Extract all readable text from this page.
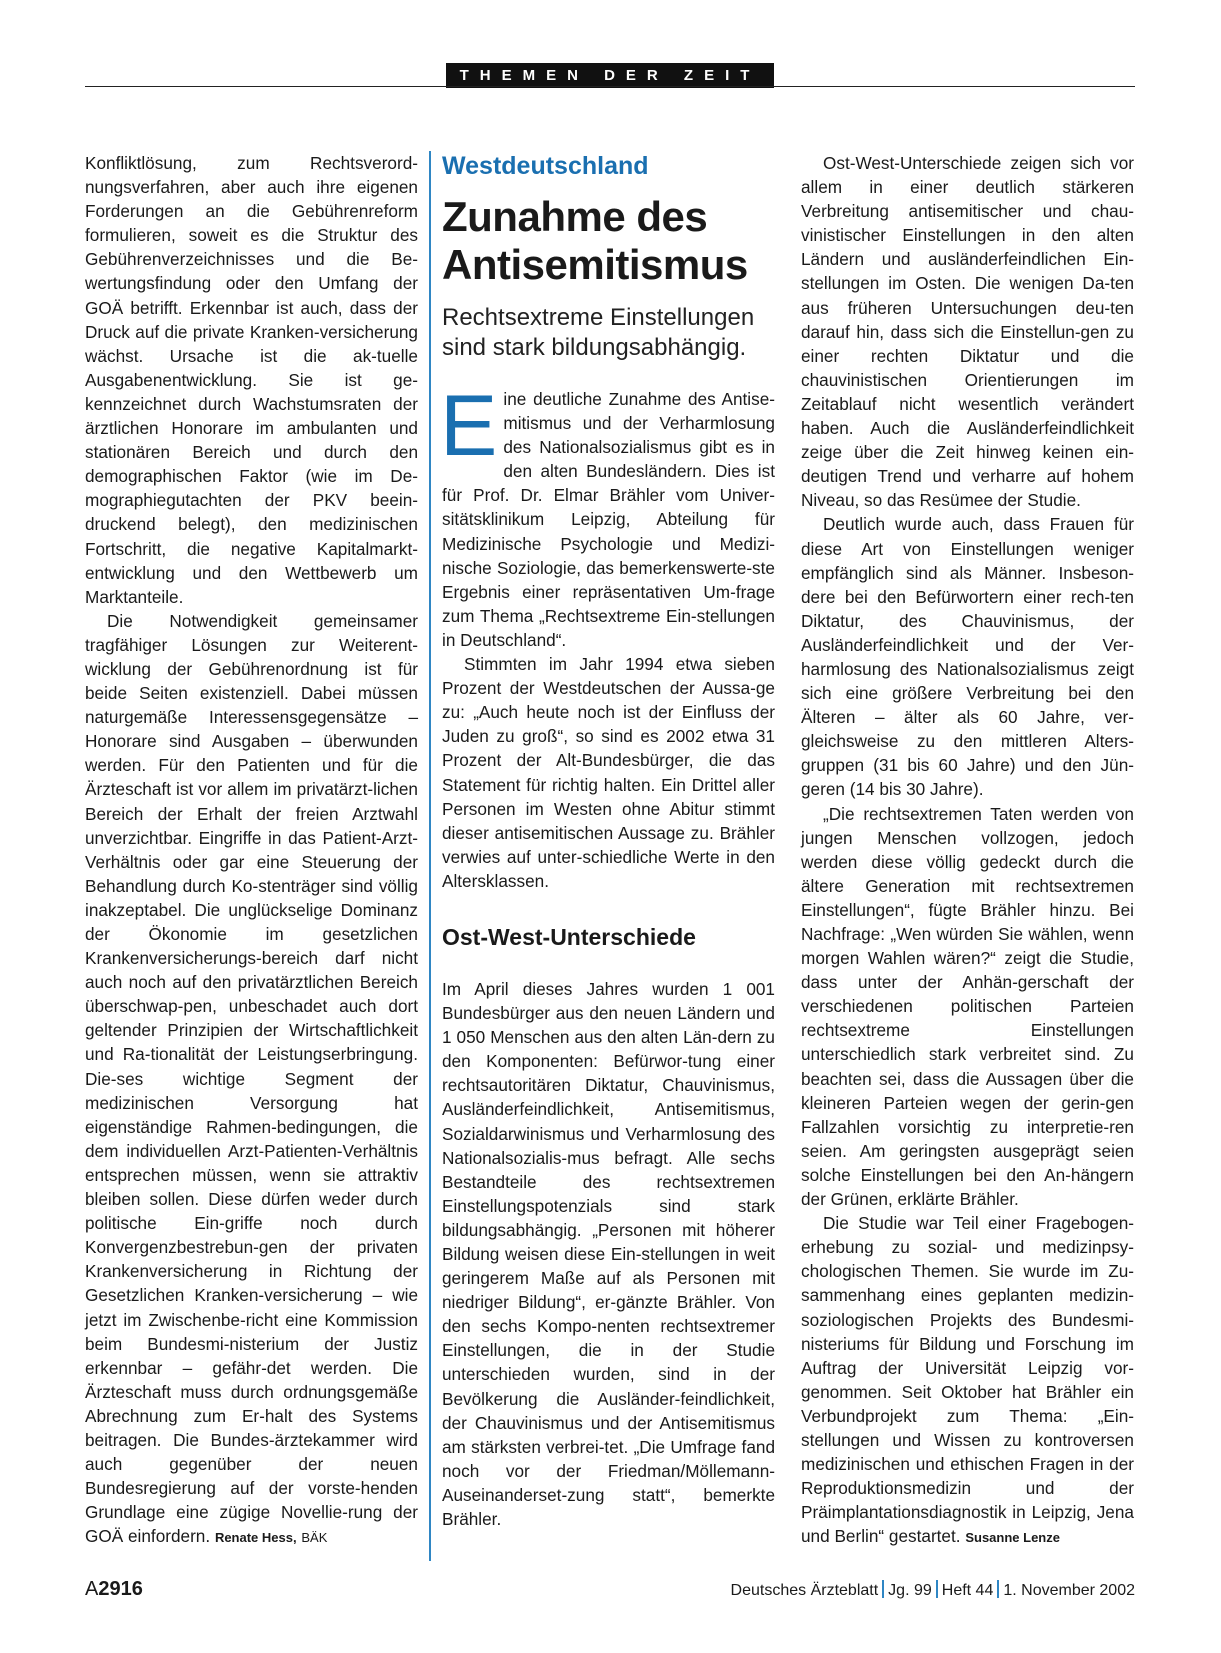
THEMEN DER ZEIT

Konfliktlösung, zum Rechtsverord-nungsverfahren, aber auch ihre eigenen Forderungen an die Gebührenreform formulieren, soweit es die Struktur des Gebührenverzeichnisses und die Be-wertungsfindung oder den Umfang der GOÄ betrifft. Erkennbar ist auch, dass der Druck auf die private Kranken-versicherung wächst. Ursache ist die ak-tuelle Ausgabenentwicklung. Sie ist ge-kennzeichnet durch Wachstumsraten der ärztlichen Honorare im ambulanten und stationären Bereich und durch den demographischen Faktor (wie im De-mographiegutachten der PKV beein-druckend belegt), den medizinischen Fortschritt, die negative Kapitalmarkt-entwicklung und den Wettbewerb um Marktanteile.

Die Notwendigkeit gemeinsamer tragfähiger Lösungen zur Weiterent-wicklung der Gebührenordnung ist für beide Seiten existenziell. Dabei müssen naturgemäße Interessensgegensätze – Honorare sind Ausgaben – überwunden werden. Für den Patienten und für die Ärzteschaft ist vor allem im privatärzt-lichen Bereich der Erhalt der freien Arztwahl unverzichtbar. Eingriffe in das Patient-Arzt-Verhältnis oder gar eine Steuerung der Behandlung durch Ko-stenträger sind völlig inakzeptabel. Die unglückselige Dominanz der Ökonomie im gesetzlichen Krankenversicherungs-bereich darf nicht auch noch auf den privatärztlichen Bereich überschwap-pen, unbeschadet auch dort geltender Prinzipien der Wirtschaftlichkeit und Ra-tionalität der Leistungserbringung. Die-ses wichtige Segment der medizinischen Versorgung hat eigenständige Rahmen-bedingungen, die dem individuellen Arzt-Patienten-Verhältnis entsprechen müssen, wenn sie attraktiv bleiben sollen. Diese dürfen weder durch politische Ein-griffe noch durch Konvergenzbestrebun-gen der privaten Krankenversicherung in Richtung der Gesetzlichen Kranken-versicherung – wie jetzt im Zwischenbe-richt eine Kommission beim Bundesmi-nisterium der Justiz erkennbar – gefähr-det werden. Die Ärzteschaft muss durch ordnungsgemäße Abrechnung zum Er-halt des Systems beitragen. Die Bundes-ärztekammer wird auch gegenüber der neuen Bundesregierung auf der vorste-henden Grundlage eine zügige Novellie-rung der GOÄ einfordern. Renate Hess, BÄK

Westdeutschland
Zunahme des Antisemitismus
Rechtsextreme Einstellungen sind stark bildungsabhängig.

Eine deutliche Zunahme des Antise-mitismus und der Verharmlosung des Nationalsozialismus gibt es in den alten Bundesländern. Dies ist für Prof. Dr. Elmar Brähler vom Univer-sitätsklinikum Leipzig, Abteilung für Medizinische Psychologie und Medizi-nische Soziologie, das bemerkenswerte-ste Ergebnis einer repräsentativen Um-frage zum Thema „Rechtsextreme Ein-stellungen in Deutschland“.

Stimmten im Jahr 1994 etwa sieben Prozent der Westdeutschen der Aussa-ge zu: „Auch heute noch ist der Einfluss der Juden zu groß“, so sind es 2002 etwa 31 Prozent der Alt-Bundesbürger, die das Statement für richtig halten. Ein Drittel aller Personen im Westen ohne Abitur stimmt dieser antisemitischen Aussage zu. Brähler verwies auf unter-schiedliche Werte in den Altersklassen.

Ost-West-Unterschiede

Im April dieses Jahres wurden 1 001 Bundesbürger aus den neuen Ländern und 1 050 Menschen aus den alten Län-dern zu den Komponenten: Befürwor-tung einer rechtsautoritären Diktatur, Chauvinismus, Ausländerfeindlichkeit, Antisemitismus, Sozialdarwinismus und Verharmlosung des Nationalsozialis-mus befragt. Alle sechs Bestandteile des rechtsextremen Einstellungspotenzials sind stark bildungsabhängig. „Personen mit höherer Bildung weisen diese Ein-stellungen in weit geringerem Maße auf als Personen mit niedriger Bildung“, er-gänzte Brähler. Von den sechs Kompo-nenten rechtsextremer Einstellungen, die in der Studie unterschieden wurden, sind in der Bevölkerung die Ausländer-feindlichkeit, der Chauvinismus und der Antisemitismus am stärksten verbrei-tet. „Die Umfrage fand noch vor der Friedman/Möllemann-Auseinanderset-zung statt“, bemerkte Brähler.

Ost-West-Unterschiede zeigen sich vor allem in einer deutlich stärkeren Verbreitung antisemitischer und chau-vinistischer Einstellungen in den alten Ländern und ausländerfeindlichen Ein-stellungen im Osten. Die wenigen Da-ten aus früheren Untersuchungen deu-ten darauf hin, dass sich die Einstellun-gen zu einer rechten Diktatur und die chauvinistischen Orientierungen im Zeitablauf nicht wesentlich verändert haben. Auch die Ausländerfeindlichkeit zeige über die Zeit hinweg keinen ein-deutigen Trend und verharre auf hohem Niveau, so das Resümee der Studie.

Deutlich wurde auch, dass Frauen für diese Art von Einstellungen weniger empfänglich sind als Männer. Insbeson-dere bei den Befürwortern einer rech-ten Diktatur, des Chauvinismus, der Ausländerfeindlichkeit und der Ver-harmlosung des Nationalsozialismus zeigt sich eine größere Verbreitung bei den Älteren – älter als 60 Jahre, ver-gleichsweise zu den mittleren Alters-gruppen (31 bis 60 Jahre) und den Jün-geren (14 bis 30 Jahre).

„Die rechtsextremen Taten werden von jungen Menschen vollzogen, jedoch werden diese völlig gedeckt durch die ältere Generation mit rechtsextremen Einstellungen“, fügte Brähler hinzu. Bei Nachfrage: „Wen würden Sie wählen, wenn morgen Wahlen wären?“ zeigt die Studie, dass unter der Anhän-gerschaft der verschiedenen politischen Parteien rechtsextreme Einstellungen unterschiedlich stark verbreitet sind. Zu beachten sei, dass die Aussagen über die kleineren Parteien wegen der gerin-gen Fallzahlen vorsichtig zu interpretie-ren seien. Am geringsten ausgeprägt seien solche Einstellungen bei den An-hängern der Grünen, erklärte Brähler.

Die Studie war Teil einer Fragebogen-erhebung zu sozial- und medizinpsy-chologischen Themen. Sie wurde im Zu-sammenhang eines geplanten medizin-soziologischen Projekts des Bundesmi-nisteriums für Bildung und Forschung im Auftrag der Universität Leipzig vor-genommen. Seit Oktober hat Brähler ein Verbundprojekt zum Thema: „Ein-stellungen und Wissen zu kontroversen medizinischen und ethischen Fragen in der Reproduktionsmedizin und der Präimplantationsdiagnostik in Leipzig, Jena und Berlin“ gestartet. Susanne Lenze

A2916	Deutsches Ärzteblatt Jg. 99 Heft 44 1. November 2002
